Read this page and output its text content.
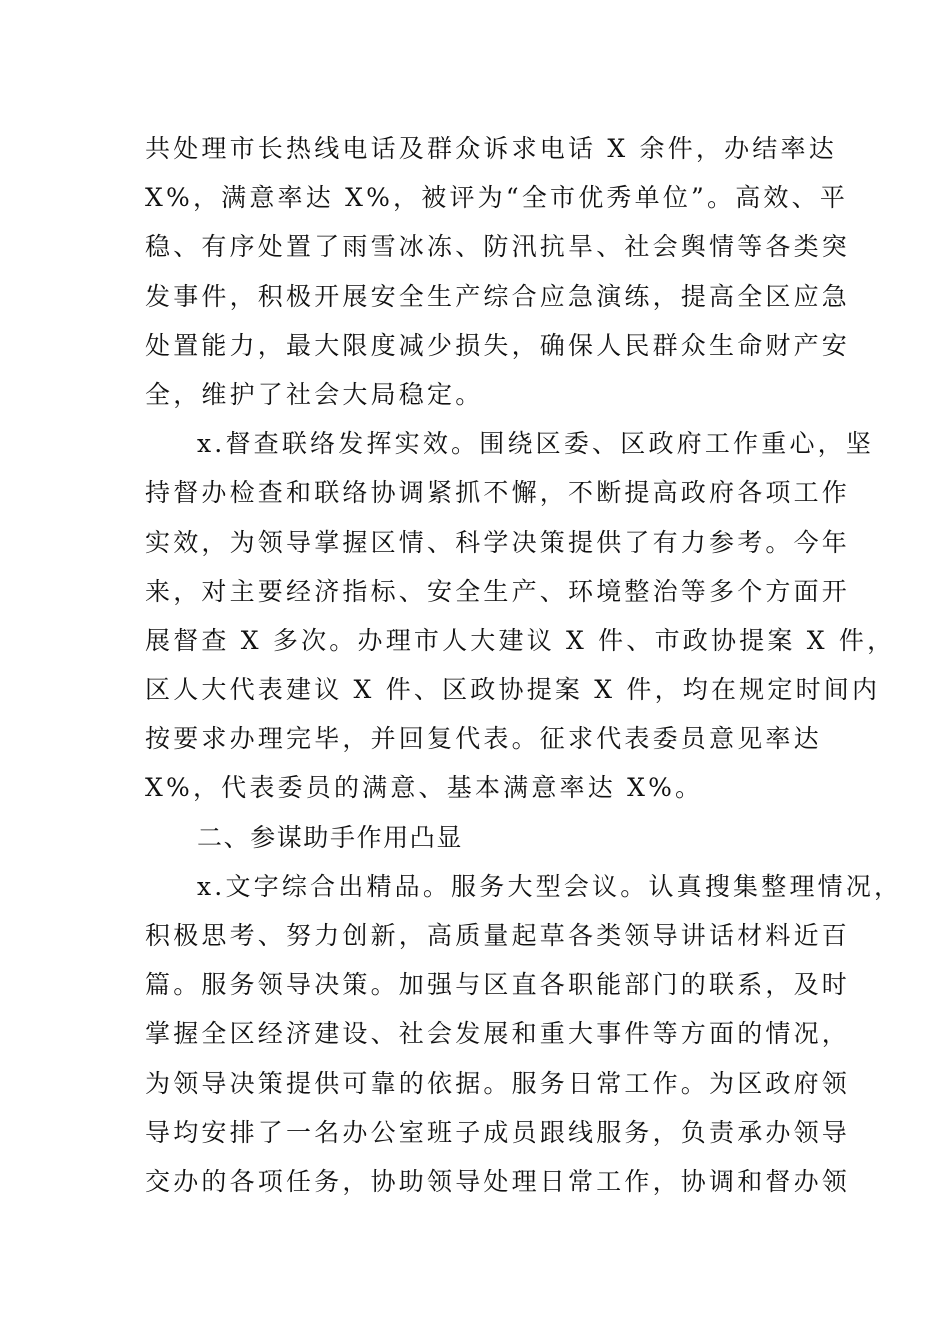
共处理市长热线电话及群众诉求电话 X 余件，办结率达
X%，满意率达 X%，被评为“全市优秀单位”。高效、平
稳、有序处置了雨雪冰冻、防汛抗旱、社会舆情等各类突
发事件，积极开展安全生产综合应急演练，提高全区应急
处置能力，最大限度减少损失，确保人民群众生命财产安
全，维护了社会大局稳定。
x.督查联络发挥实效。围绕区委、区政府工作重心，坚
持督办检查和联络协调紧抓不懈，不断提高政府各项工作
实效，为领导掌握区情、科学决策提供了有力参考。今年
来，对主要经济指标、安全生产、环境整治等多个方面开
展督查 X 多次。办理市人大建议 X 件、市政协提案 X 件，
区人大代表建议 X 件、区政协提案 X 件，均在规定时间内
按要求办理完毕，并回复代表。征求代表委员意见率达
X%，代表委员的满意、基本满意率达 X%。
二、参谋助手作用凸显
x.文字综合出精品。服务大型会议。认真搜集整理情况，
积极思考、努力创新，高质量起草各类领导讲话材料近百
篇。服务领导决策。加强与区直各职能部门的联系，及时
掌握全区经济建设、社会发展和重大事件等方面的情况，
为领导决策提供可靠的依据。服务日常工作。为区政府领
导均安排了一名办公室班子成员跟线服务，负责承办领导
交办的各项任务，协助领导处理日常工作，协调和督办领
